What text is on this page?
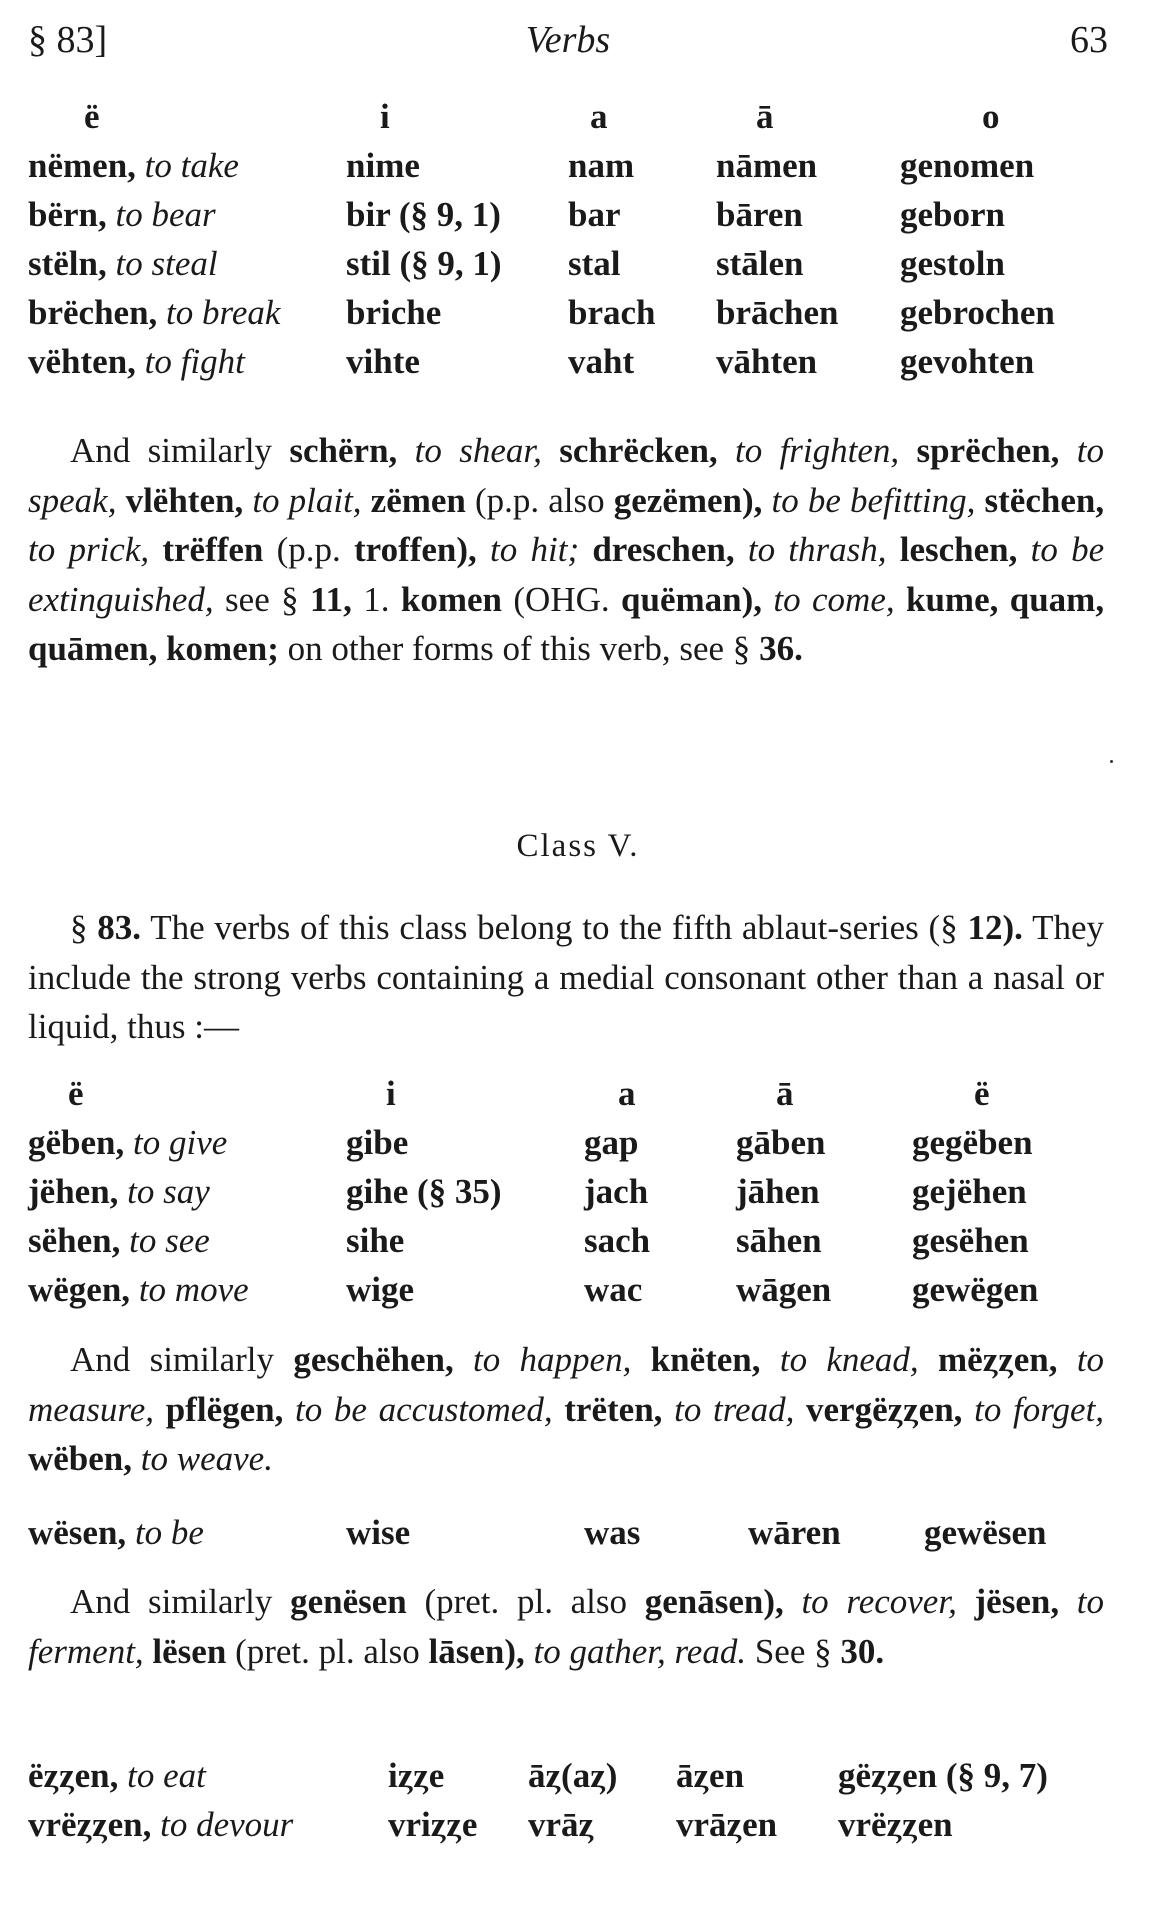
§ 83]	Verbs	63
ë	i	a	ā	o
nëmen, to take	nime	nam	nāmen	genomen
bërn, to bear	bir (§ 9, 1)	bar	bāren	geborn
stëln, to steal	stil (§ 9, 1)	stal	stālen	gestoln
brëchen, to break	briche	brach	brāchen	gebrochen
vëhten, to fight	vihte	vaht	vāhten	gevohten
And similarly schërn, to shear, schrëcken, to frighten, sprëchen, to speak, vlëhten, to plait, zëmen (p.p. also gezëmen), to be befitting, stëchen, to prick, trëffen (p.p. troffen), to hit; dreschen, to thrash, leschen, to be extinguished, see § 11, 1. komen (OHG. quëman), to come, kume, quam, quāmen, komen; on other forms of this verb, see § 36.
Class V.
§ 83. The verbs of this class belong to the fifth ablaut-series (§ 12). They include the strong verbs containing a medial consonant other than a nasal or liquid, thus :—
ë	i	a	ā	ë
gëben, to give	gibe	gap	gāben	gegëben
jëhen, to say	gihe (§ 35)	jach	jāhen	gejëhen
sëhen, to see	sihe	sach	sāhen	gesëhen
wëgen, to move	wige	wac	wāgen	gewëgen
And similarly geschëhen, to happen, knëten, to knead, mëȥȥen, to measure, pflëgen, to be accustomed, trëten, to tread, vergëȥȥen, to forget, wëben, to weave.
wësen, to be	wise	was	wāren	gewësen
And similarly genësen (pret. pl. also genāsen), to recover, jësen, to ferment, lësen (pret. pl. also lāsen), to gather, read. See § 30.
ëȥȥen, to eat	iȥȥe	āȥ(aȥ)	āȥen	gëȥȥen (§ 9, 7)
vrëȥȥen, to devour	vriȥȥe	vrāȥ	vrāȥen	vrëȥȥen
